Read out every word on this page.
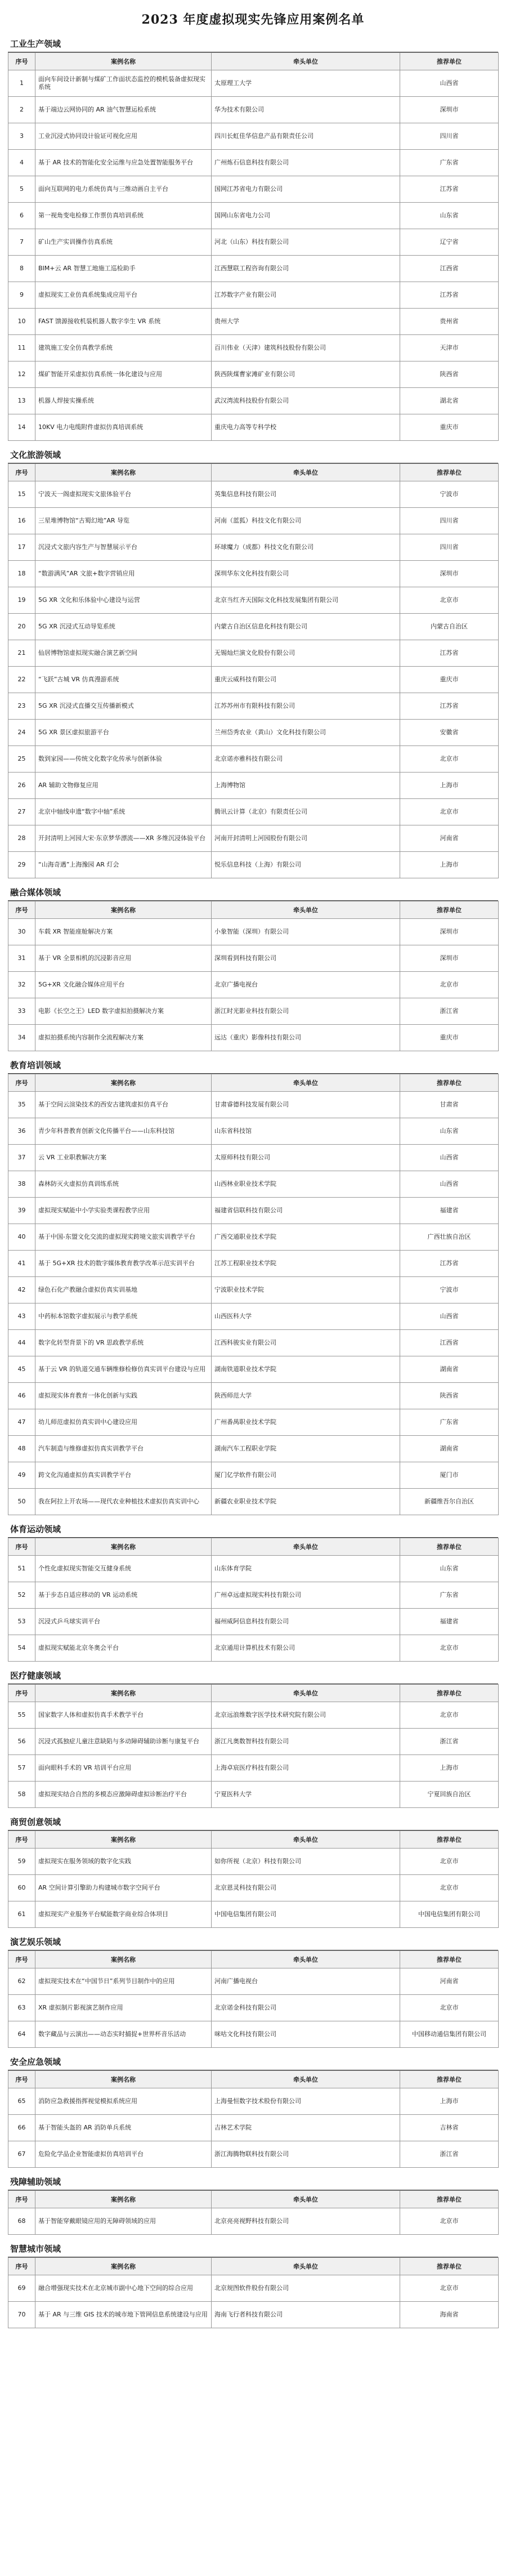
2023 年度虚拟现实先锋应用案例名单
工业生产领域
序号	案例名称	牵头单位	推荐单位
1	面向车间设计新制与煤矿工作面状态监控的模机装备虚拟现实系统	太原理工大学	山西省
2	基于端边云网协同的 AR 油气智慧运检系统	华为技术有限公司	深圳市
3	工业沉浸式协同设计验证可视化应用	四川长虹佳华信息产品有限责任公司	四川省
4	基于 AR 技术的智能化安全运维与应急处置智能服务平台	广州炼石信息科技有限公司	广东省
5	面向互联网的电力系统仿真与三维动画自主平台	国网江苏省电力有限公司	江苏省
6	第一视角变电检修工作票仿真培训系统	国网山东省电力公司	山东省
7	矿山生产实训操作仿真系统	河北（山东）科技有限公司	辽宁省
8	BIM+云 AR 智慧工地施工巡检助手	江西慧联工程咨询有限公司	江西省
9	虚拟现实工业仿真系统集成应用平台	江苏数字产业有限公司	江苏省
10	FAST 馈源接收机装机器人数字孪生 VR 系统	贵州大学	贵州省
11	建筑施工安全仿真教学系统	百川伟业（天津）建筑科技股份有限公司	天津市
12	煤矿智能开采虚拟仿真系统一体化建设与应用	陕西陕煤曹家滩矿业有限公司	陕西省
13	机器人焊接实操系统	武汉湾流科技股份有限公司	湖北省
14	10KV 电力电缆附件虚拟仿真培训系统	重庆电力高等专科学校	重庆市
文化旅游领域
序号	案例名称	牵头单位	推荐单位
15	宁波天一阁虚拟现实文旅体验平台	英集信息科技有限公司	宁波市
16	三星堆博物馆“古蜀幻地”AR 导览	河南（蓝狐）科技文化有限公司	四川省
17	沉浸式文旅内容生产与智慧展示平台	环球魔力（成都）科技文化有限公司	四川省
18	“数游满风”AR 文旅+数字营销应用	深圳华东文化科技有限公司	深圳市
19	5G XR 文化和乐体验中心建设与运营	北京当红齐天国际文化科技发展集团有限公司	北京市
20	5G XR 沉浸式互动导览系统	内蒙古自治区信息化科技有限公司	内蒙古自治区
21	仙居博物馆虚拟现实融合演艺新空间	无锡灿烂演文化股份有限公司	江苏省
22	“飞跃”古城 VR 仿真漫游系统	重庆云威科技有限公司	重庆市
23	5G XR 沉浸式直播交互传播新模式	江苏苏州市有限科技有限公司	江苏省
24	5G XR 景区虚拟旅游平台	兰州岱秀农业（黄山）文化科技有限公司	安徽省
25	数到家园——传统文化数字化传承与创新体验	北京诺亦雅科技有限公司	北京市
26	AR 辅助文物修复应用	上海博物馆	上海市
27	北京中轴线申遗“数字中轴”系统	腾讯云计算（北京）有限责任公司	北京市
28	开封清明上河园大宋·东京梦华漂流——XR 多维沉浸体验平台	河南开封清明上河园股份有限公司	河南省
29	“山海奇遇”上海豫园 AR 灯会	悦乐信息科技（上海）有限公司	上海市
融合媒体领域
序号	案例名称	牵头单位	推荐单位
30	车载 XR 智能座舱解决方案	小象智能（深圳）有限公司	深圳市
31	基于 VR 全景相机的沉浸影音应用	深圳看到科技有限公司	深圳市
32	5G+XR 文化融合媒体应用平台	北京广播电视台	北京市
33	电影《长空之王》LED 数字虚拟拍摄解决方案	浙江时光影业科技有限公司	浙江省
34	虚拟拍摄系统内容制作全流程解决方案	远达（重庆）影像科技有限公司	重庆市
教育培训领域
序号	案例名称	牵头单位	推荐单位
35	基于空间云渲染技术的西安古建筑虚拟仿真平台	甘肃睿德科技发展有限公司	甘肃省
36	青少年科普教育创新文化传播平台——山东科技馆	山东省科技馆	山东省
37	云 VR 工业职教解决方案	太原师科技有限公司	山西省
38	森林防灭火虚拟仿真训练系统	山西林业职业技术学院	山西省
39	虚拟现实赋能中小学实验类课程教学应用	福建省信联科技有限公司	福建省
40	基于中国-东盟文化交流的虚拟现实跨境文旅实训教学平台	广西交通职业技术学院	广西壮族自治区
41	基于 5G+XR 技术的数字媒体教育教学改革示范实训平台	江苏工程职业技术学院	江苏省
42	绿色石化产教融合虚拟仿真实训基地	宁波职业技术学院	宁波市
43	中药标本馆数字虚拟展示与教学系统	山西医科大学	山西省
44	数字化转型背景下的 VR 思政教学系统	江西科骏实业有限公司	江西省
45	基于云 VR 的轨道交通车辆维修检修仿真实训平台建设与应用	湖南铁道职业技术学院	湖南省
46	虚拟现实体育教育一体化创新与实践	陕西师范大学	陕西省
47	幼儿师范虚拟仿真实训中心建设应用	广州番禺职业技术学院	广东省
48	汽车制造与维修虚拟仿真实训教学平台	湖南汽车工程职业学院	湖南省
49	跨文化沟通虚拟仿真实训教学平台	厦门亿学软件有限公司	厦门市
50	我在阿拉上开农场——现代农业种植技术虚拟仿真实训中心	新疆农业职业技术学院	新疆维吾尔自治区
体育运动领域
序号	案例名称	牵头单位	推荐单位
51	个性化虚拟现实智能交互健身系统	山东体育学院	山东省
52	基于步态自适应移动的 VR 运动系统	广州卓远虚拟现实科技有限公司	广东省
53	沉浸式乒乓球实训平台	福州威阿信息科技有限公司	福建省
54	虚拟现实赋能北京冬奥会平台	北京通用计算机技术有限公司	北京市
医疗健康领域
序号	案例名称	牵头单位	推荐单位
55	国家数字人体和虚拟仿真手术教学平台	北京远浪维数字医学技术研究院有限公司	北京市
56	沉浸式孤独症儿童注意缺陷与多动障碍辅助诊断与康复平台	浙江凡奥数智科技有限公司	浙江省
57	面向眼科手术的 VR 培训平台应用	上海卓宸医疗科技有限公司	上海市
58	虚拟现实结合自然的多模态应激障碍虚拟诊断治疗平台	宁夏医科大学	宁夏回族自治区
商贸创意领域
序号	案例名称	牵头单位	推荐单位
59	虚拟现实在服务领域的数字化实践	如你所视（北京）科技有限公司	北京市
60	AR 空间计算引擎助力构建城市数字空间平台	北京恩灵科技有限公司	北京市
61	虚拟现实产业服务平台赋能数字商业综合体项目	中国电信集团有限公司	中国电信集团有限公司
演艺娱乐领域
序号	案例名称	牵头单位	推荐单位
62	虚拟现实技术在“中国节日”系列节目制作中的应用	河南广播电视台	河南省
63	XR 虚拟制片影视演艺制作应用	北京诺金科技有限公司	北京市
64	数字藏品与云演出——动态实时捕捉+世界杯音乐活动	咪咕文化科技有限公司	中国移动通信集团有限公司
安全应急领域
序号	案例名称	牵头单位	推荐单位
65	消防应急救援指挥视觉模拟系统应用	上海曼恒数字技术股份有限公司	上海市
66	基于智能头盔的 AR 消防单兵系统	吉林艺术学院	吉林省
67	危险化学品企业智能虚拟仿真培训平台	浙江海腾物联科技有限公司	浙江省
残障辅助领域
序号	案例名称	牵头单位	推荐单位
68	基于智能穿戴眼镜应用的无障碍领域的应用	北京亮亮视野科技有限公司	北京市
智慧城市领域
序号	案例名称	牵头单位	推荐单位
69	融合增强现实技术在北京城市副中心地下空间的综合应用	北京规图软件股份有限公司	北京市
70	基于 AR 与三维 GIS 技术的城市地下管网信息系统建设与应用	海南飞行者科技有限公司	海南省
